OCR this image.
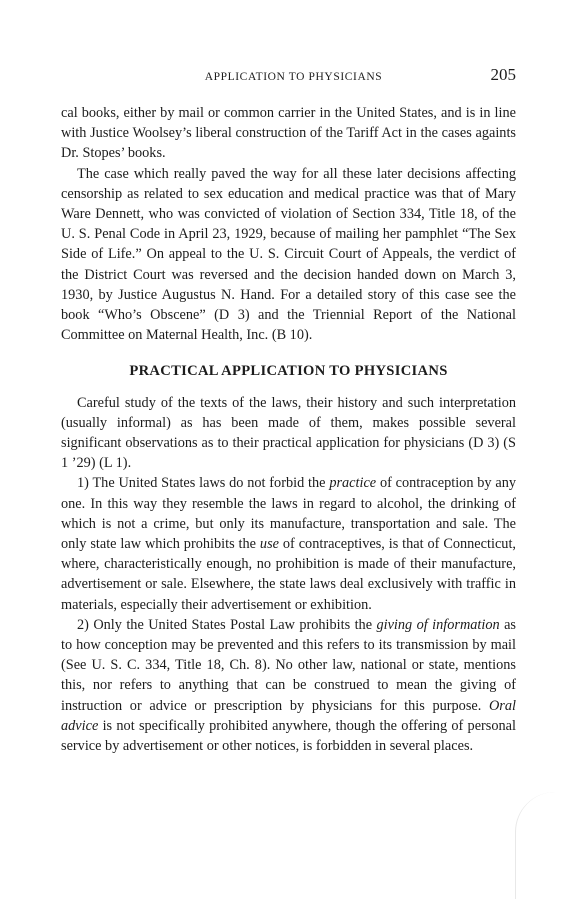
APPLICATION TO PHYSICIANS	205

cal books, either by mail or common carrier in the United States, and is in line with Justice Woolsey’s liberal construction of the Tariff Act in the cases againts Dr. Stopes’ books.

The case which really paved the way for all these later decisions affecting censorship as related to sex education and medical practice was that of Mary Ware Dennett, who was convicted of violation of Section 334, Title 18, of the U. S. Penal Code in April 23, 1929, because of mailing her pamphlet “The Sex Side of Life.” On appeal to the U. S. Circuit Court of Appeals, the verdict of the District Court was reversed and the decision handed down on March 3, 1930, by Justice Augustus N. Hand. For a detailed story of this case see the book “Who’s Obscene” (D 3) and the Triennial Report of the National Committee on Maternal Health, Inc. (B 10).

PRACTICAL APPLICATION TO PHYSICIANS

Careful study of the texts of the laws, their history and such interpretation (usually informal) as has been made of them, makes possible several significant observations as to their practical application for physicians (D 3) (S 1 ’29) (L 1).

1) The United States laws do not forbid the practice of contraception by any one. In this way they resemble the laws in regard to alcohol, the drinking of which is not a crime, but only its manufacture, transportation and sale. The only state law which prohibits the use of contraceptives, is that of Connecticut, where, characteristically enough, no prohibition is made of their manufacture, advertisement or sale. Elsewhere, the state laws deal exclusively with traffic in materials, especially their advertisement or exhibition.

2) Only the United States Postal Law prohibits the giving of information as to how conception may be prevented and this refers to its transmission by mail (See U. S. C. 334, Title 18, Ch. 8). No other law, national or state, mentions this, nor refers to anything that can be construed to mean the giving of instruction or advice or prescription by physicians for this purpose. Oral advice is not specifically prohibited anywhere, though the offering of personal service by advertisement or other notices, is forbidden in several places.
